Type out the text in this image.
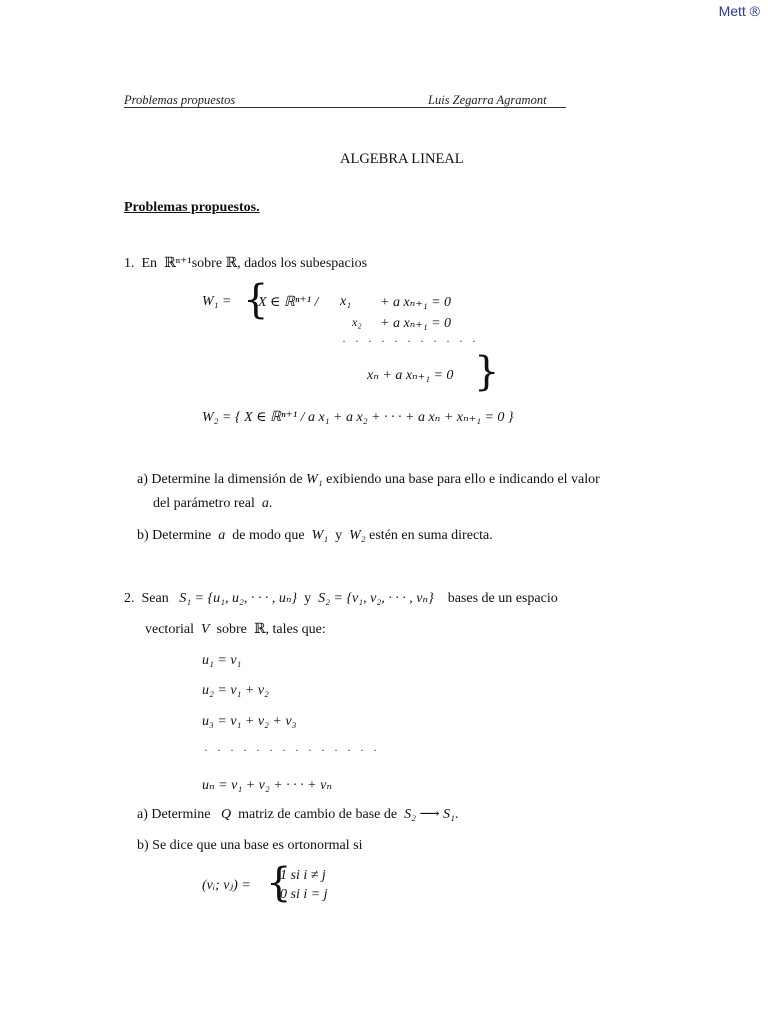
Mett ®
Problemas propuestos	Luis Zegarra Agramont
ALGEBRA LINEAL
Problemas propuestos.
1. En ℝⁿ⁺¹sobre ℝ, dados los subespacios
W₁ = {
X ∈ ℝⁿ⁺¹ / x₁ + a xₙ₊₁ = 0
x₂ + a xₙ₊₁ = 0
· · · · · · · · · · ·
xₙ + a xₙ₊₁ = 0 }
W₂ = { X ∈ ℝⁿ⁺¹ / a x₁ + a x₂ + · · · + a xₙ + xₙ₊₁ = 0 }
a) Determine la dimensión de W₁ exibiendo una base para ello e indicando el valor
del parámetro real a.
b) Determine a de modo que W₁ y W₂ estén en suma directa.
2. Sean S₁ = {u₁, u₂, · · · , uₙ} y S₂ = {v₁, v₂, · · · , vₙ} bases de un espacio
vectorial V sobre ℝ, tales que:
u₁ = v₁
u₂ = v₁ + v₂
u₃ = v₁ + v₂ + v₃
· · · · · · · · · · · · · ·
uₙ = v₁ + v₂ + · · · + vₙ
a) Determine Q matriz de cambio de base de S₂ ⟶ S₁.
b) Se dice que una base es ortonormal si
(vᵢ; vⱼ) = {
1 si i ≠ j
0 si i = j
